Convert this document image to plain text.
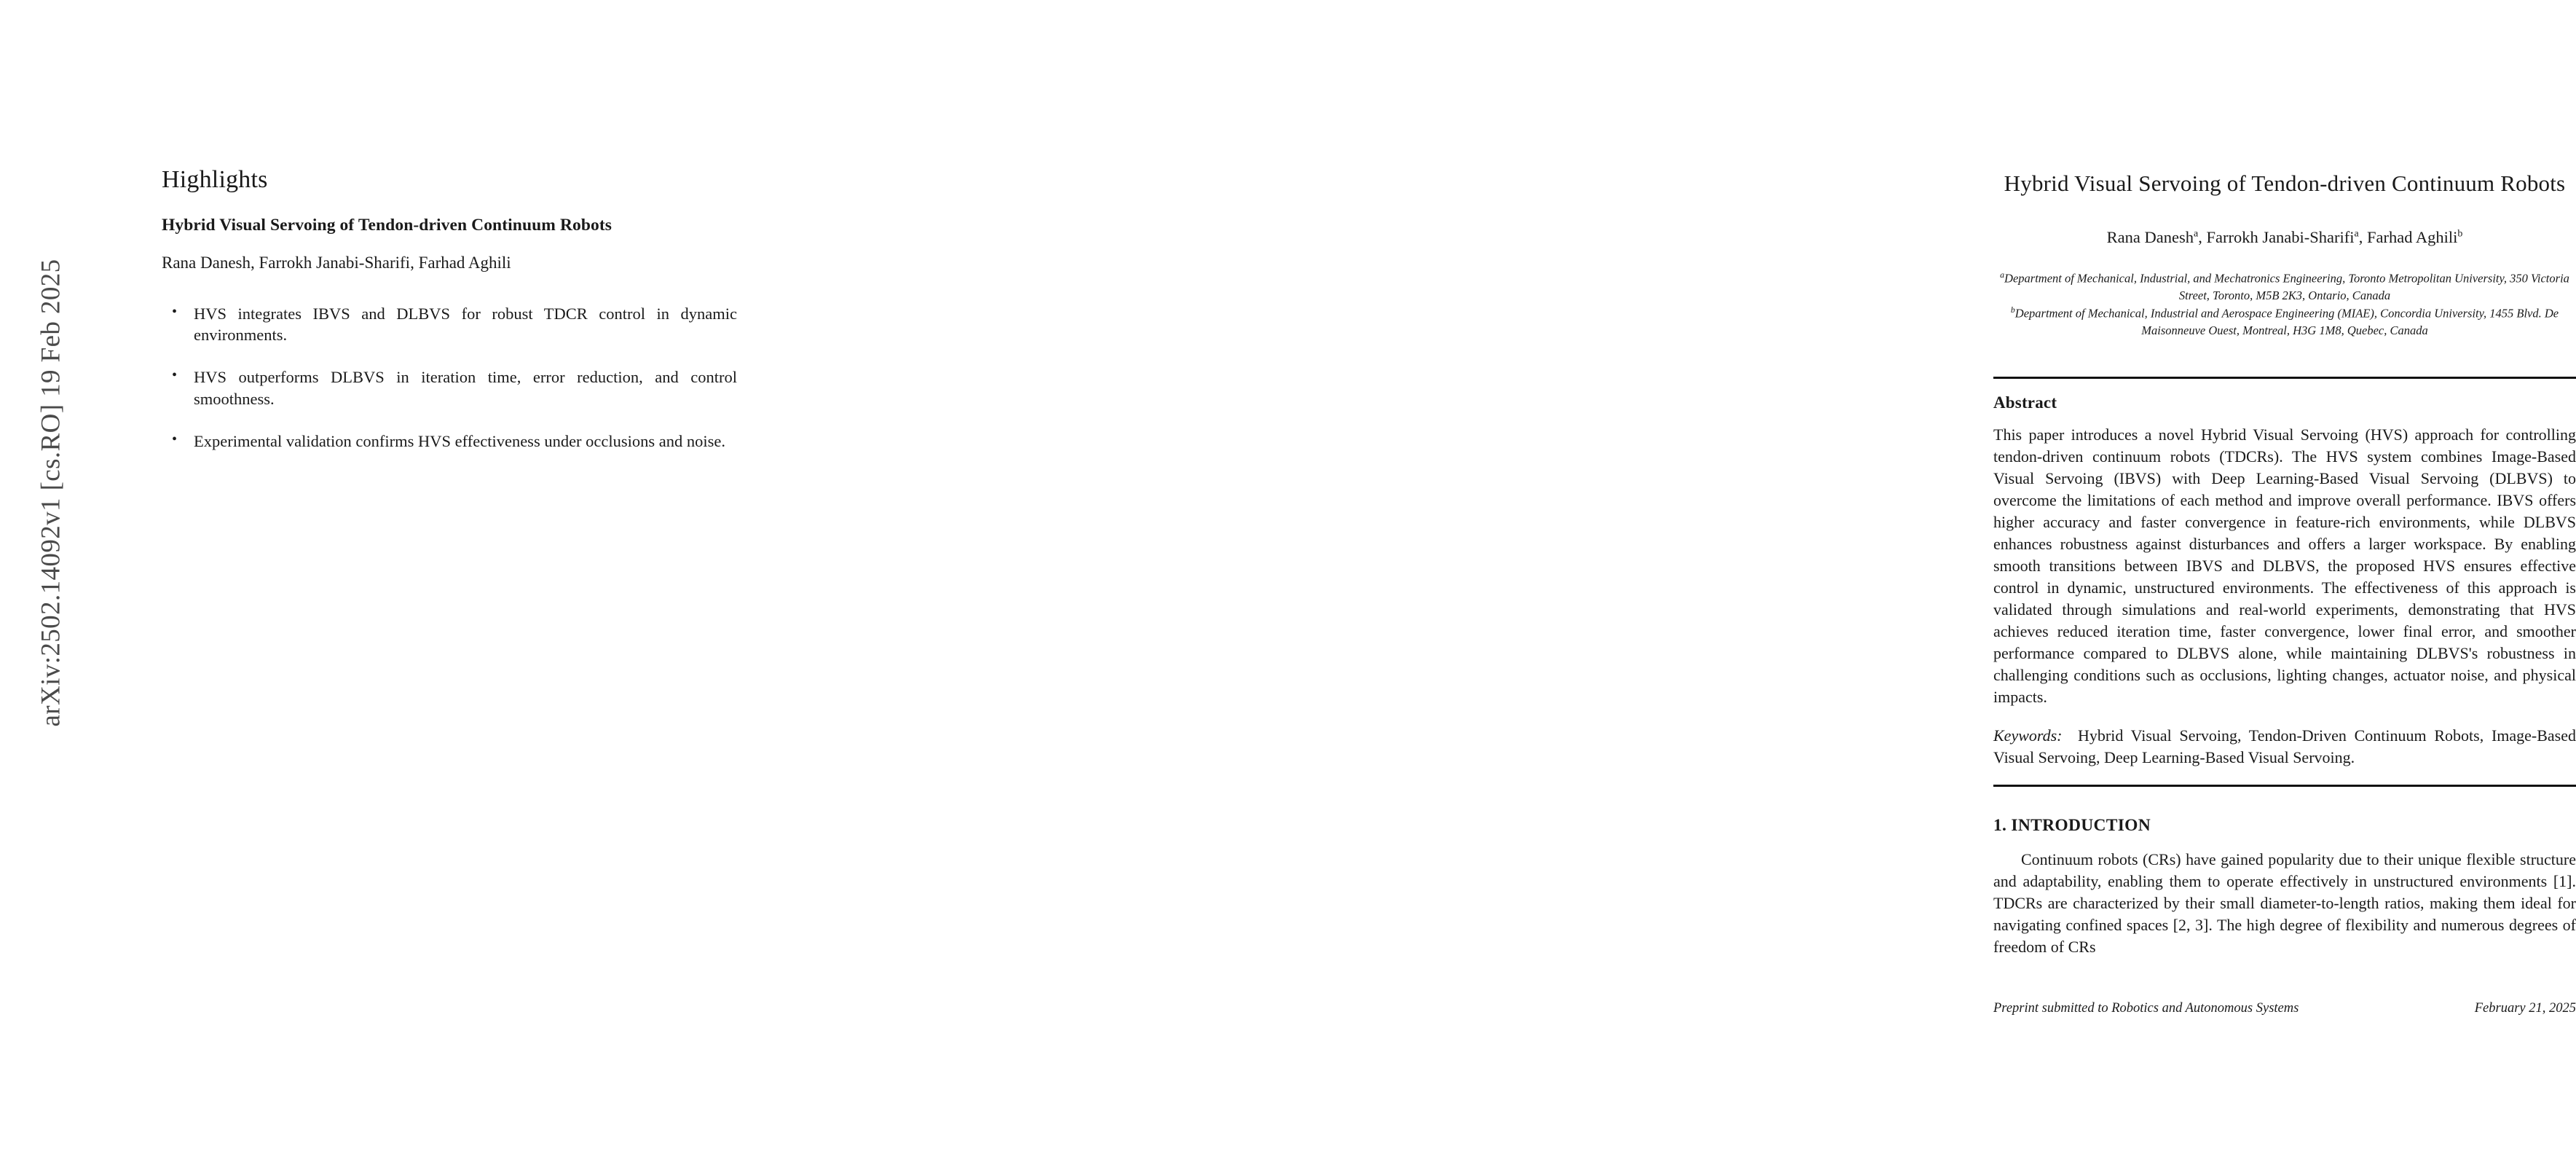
arXiv:2502.14092v1 [cs.RO] 19 Feb 2025
Highlights
Hybrid Visual Servoing of Tendon-driven Continuum Robots
Rana Danesh, Farrokh Janabi-Sharifi, Farhad Aghili
• HVS integrates IBVS and DLBVS for robust TDCR control in dynamic environments.
• HVS outperforms DLBVS in iteration time, error reduction, and control smoothness.
• Experimental validation confirms HVS effectiveness under occlusions and noise.
Hybrid Visual Servoing of Tendon-driven Continuum Robots
Rana Danesh$^a$, Farrokh Janabi-Sharifi$^a$, Farhad Aghili$^b$

$^a$Department of Mechanical, Industrial, and Mechatronics Engineering, Toronto Metropolitan University, 350 Victoria Street, Toronto, M5B 2K3, Ontario, Canada

$^b$Department of Mechanical, Industrial and Aerospace Engineering (MIAE), Concordia University, 1455 Blvd. De Maisonneuve Ouest, Montreal, H3G 1M8, Quebec, Canada

Abstract

This paper introduces a novel Hybrid Visual Servoing (HVS) approach for controlling tendon-driven continuum robots (TDCRs). The HVS system combines Image-Based Visual Servoing (IBVS) with Deep Learning-Based Visual Servoing (DLBVS) to overcome the limitations of each method and improve overall performance. IBVS offers higher accuracy and faster convergence in feature-rich environments, while DLBVS enhances robustness against disturbances and offers a larger workspace. By enabling smooth transitions between IBVS and DLBVS, the proposed HVS ensures effective control in dynamic, unstructured environments. The effectiveness of this approach is validated through simulations and real-world experiments, demonstrating that HVS achieves reduced iteration time, faster convergence, lower final error, and smoother performance compared to DLBVS alone, while maintaining DLBVS's robustness in challenging conditions such as occlusions, lighting changes, actuator noise, and physical impacts.

Keywords: Hybrid Visual Servoing, Tendon-Driven Continuum Robots, Image-Based Visual Servoing, Deep Learning-Based Visual Servoing.

1. INTRODUCTION

Continuum robots (CRs) have gained popularity due to their unique flexible structure and adaptability, enabling them to operate effectively in unstructured environments [1]. TDCRs are characterized by their small diameter-to-length ratios, making them ideal for navigating confined spaces [2, 3]. The high degree of flexibility and numerous degrees of freedom of CRs

Preprint submitted to Robotics and Autonomous Systems	February 21, 2025
